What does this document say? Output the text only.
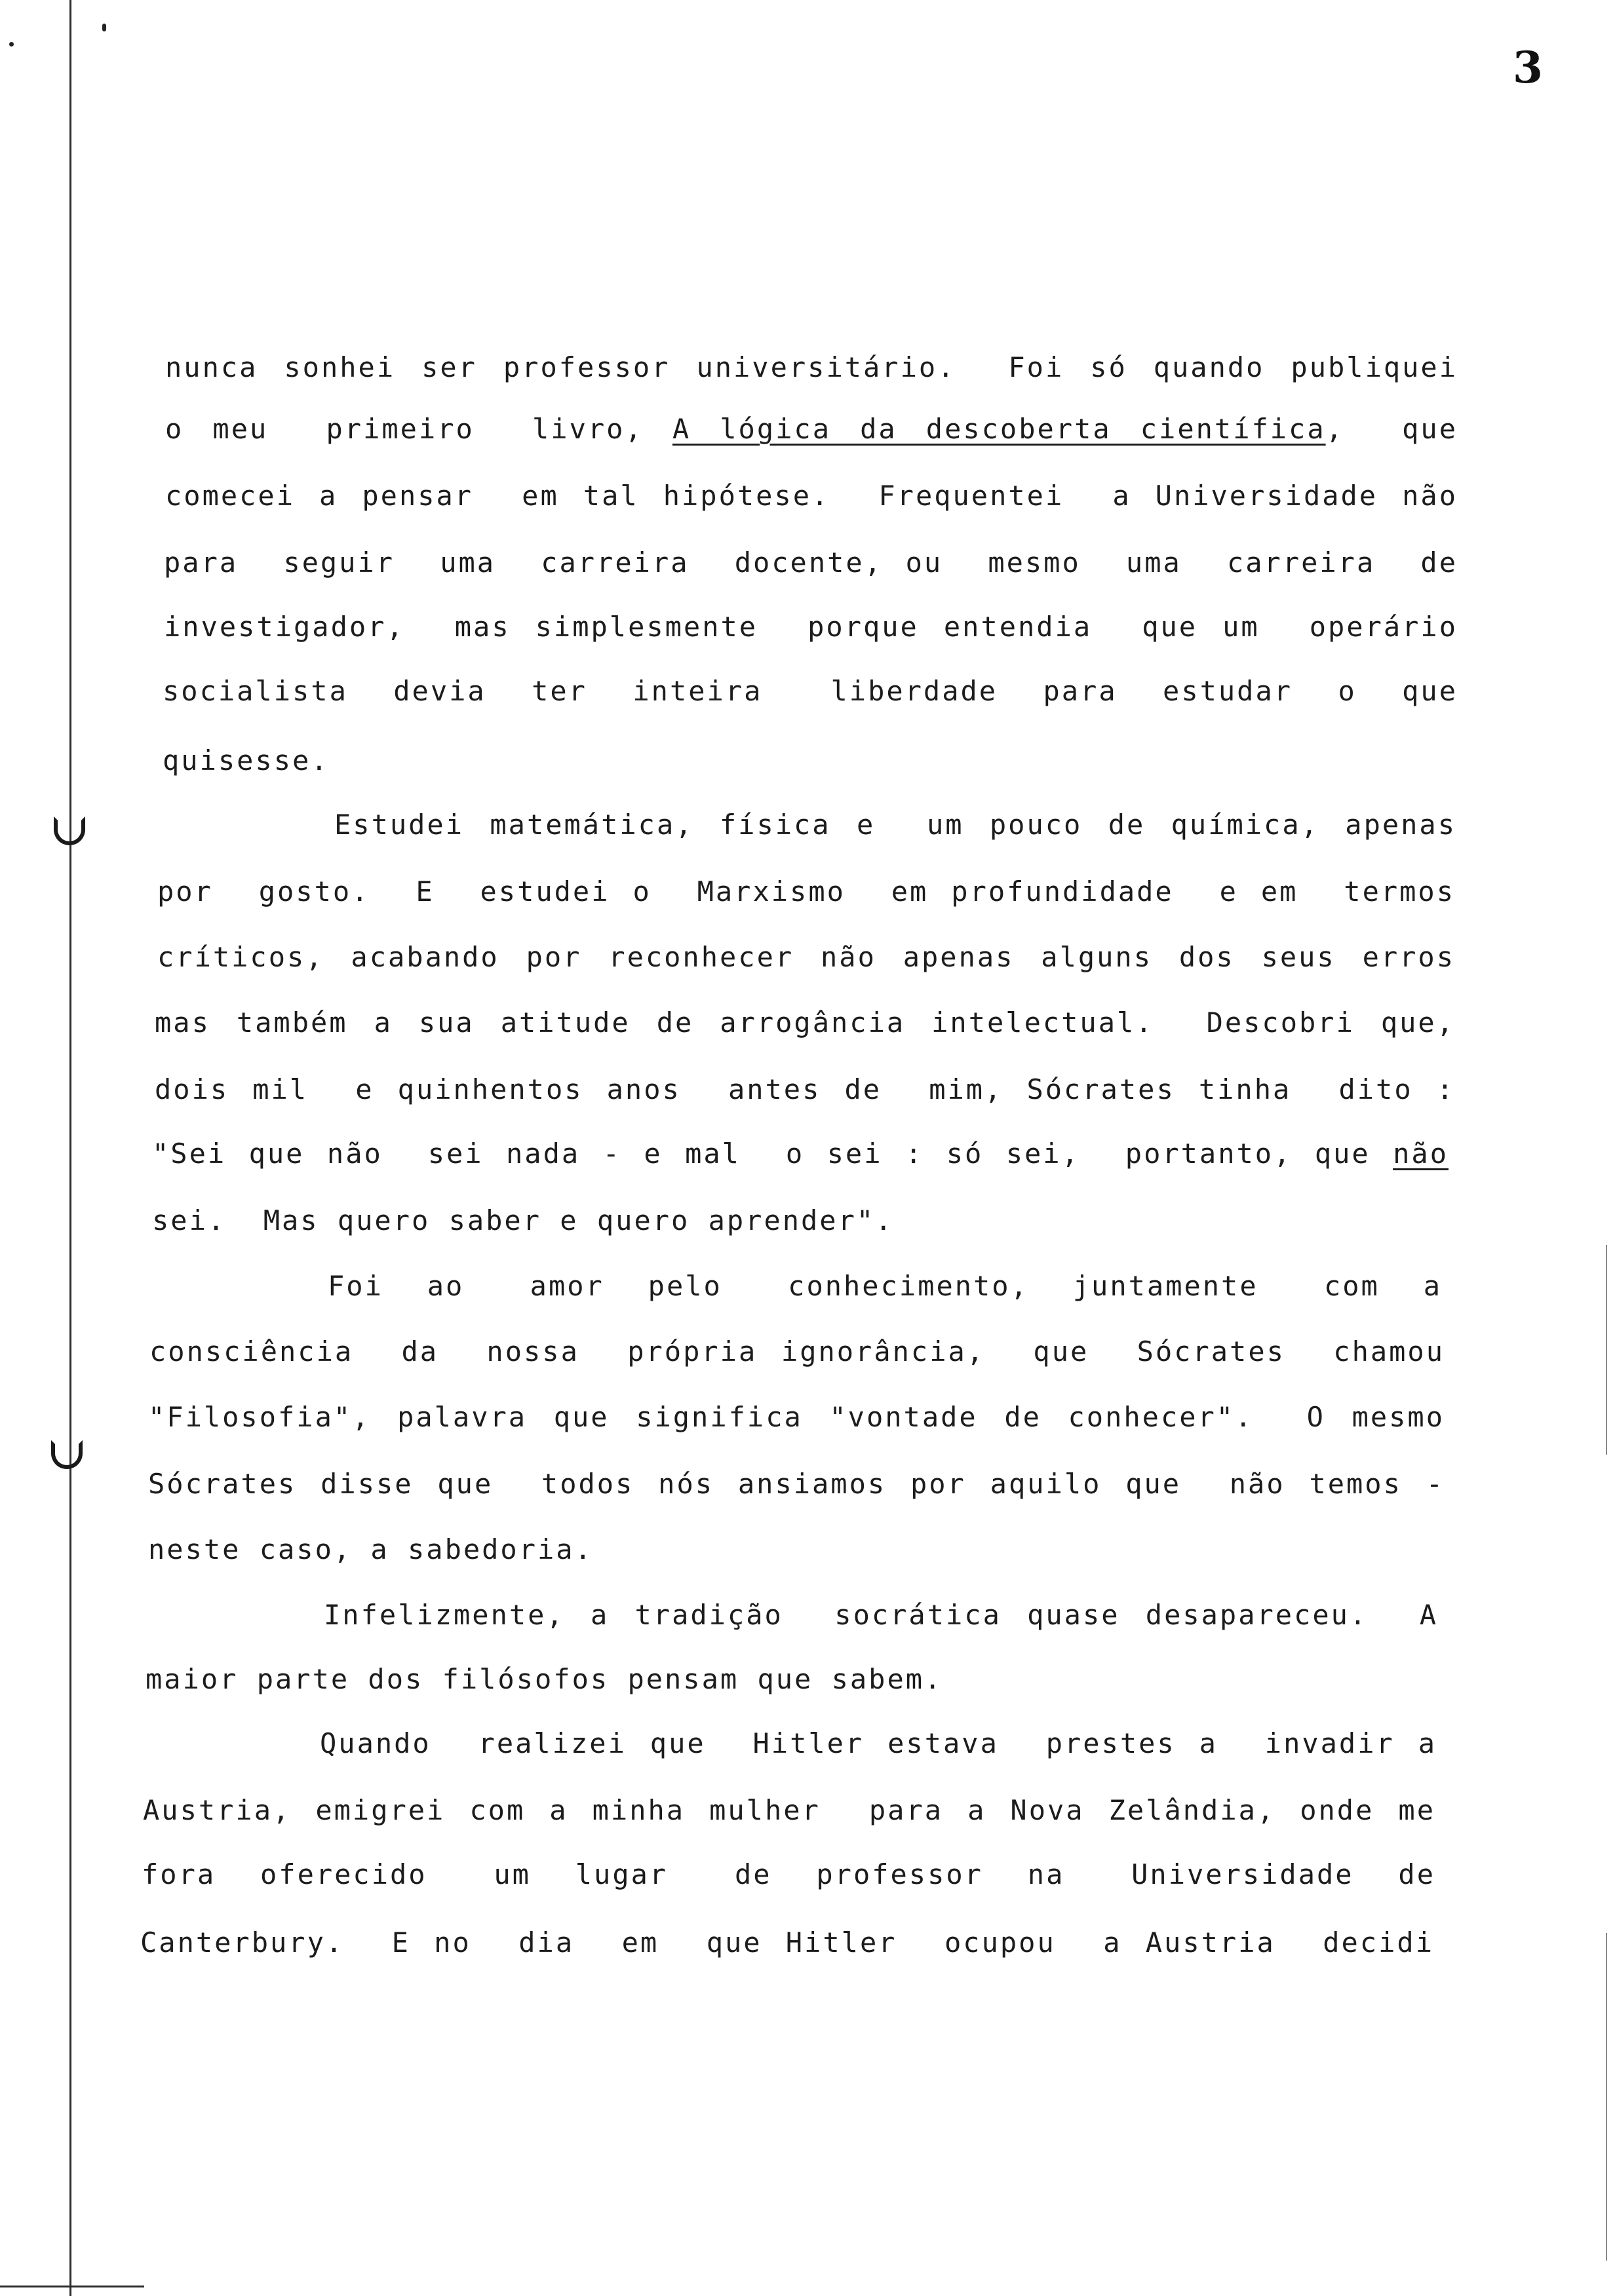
3
nunca sonhei ser professor universitário.  Foi só quando publiquei
o meu  primeiro  livro, A lógica da descoberta científica,  que
comecei a pensar  em tal hipótese.  Frequentei  a Universidade não
para  seguir  uma  carreira  docente, ou  mesmo  uma  carreira  de
investigador,  mas simplesmente  porque entendia  que um  operário
socialista  devia  ter  inteira   liberdade  para  estudar  o  que
quisesse.
Estudei matemática, física e  um pouco de química, apenas
por  gosto.  E  estudei o  Marxismo  em profundidade  e em  termos
críticos, acabando por reconhecer não apenas alguns dos seus erros
mas também a sua atitude de arrogância intelectual.  Descobri que,
dois mil  e quinhentos anos  antes de  mim, Sócrates tinha  dito :
"Sei que não  sei nada - e mal  o sei : só sei,  portanto, que não
sei.  Mas quero saber e quero aprender".
Foi  ao   amor  pelo   conhecimento,  juntamente   com  a
consciência  da  nossa  própria ignorância,  que  Sócrates  chamou
"Filosofia", palavra que significa "vontade de conhecer".  O mesmo
Sócrates disse que  todos nós ansiamos por aquilo que  não temos -
neste caso, a sabedoria.
Infelizmente, a tradição  socrática quase desapareceu.  A
maior parte dos filósofos pensam que sabem.
Quando  realizei que  Hitler estava  prestes a  invadir a
Austria, emigrei com a minha mulher  para a Nova Zelândia, onde me
fora  oferecido   um  lugar   de  professor  na   Universidade  de
Canterbury.  E no  dia  em  que Hitler  ocupou  a Austria  decidi
